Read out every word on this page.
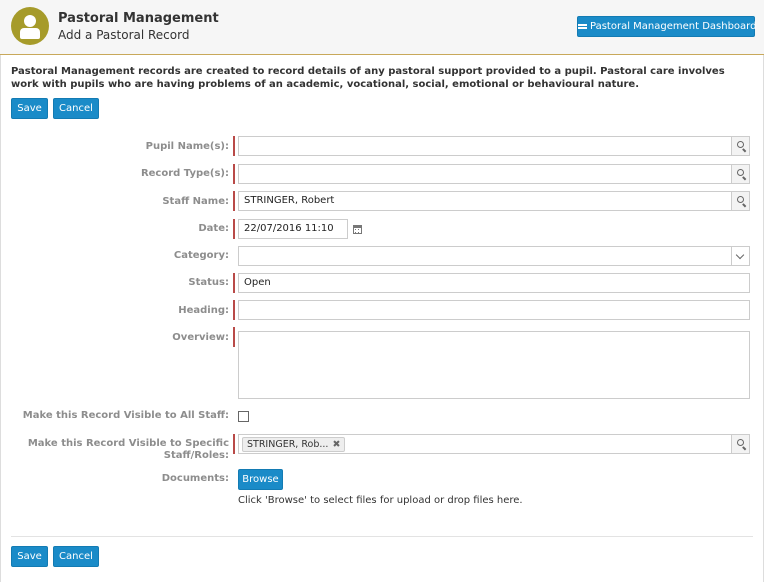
Pastoral Management
Add a Pastoral Record
Pastoral Management Dashboard
Pastoral Management records are created to record details of any pastoral support provided to a pupil. Pastoral care involves work with pupils who are having problems of an academic, vocational, social, emotional or behavioural nature.
Save	Cancel
Pupil Name(s):
Record Type(s):
Staff Name:	STRINGER, Robert
Date:	22/07/2016 11:10
Category:
Status:	Open
Heading:
Overview:
Make this Record Visible to All Staff:
Make this Record Visible to Specific Staff/Roles:
STRINGER, Rob... ✖
Documents:	Browse
Click 'Browse' to select files for upload or drop files here.
Save	Cancel
